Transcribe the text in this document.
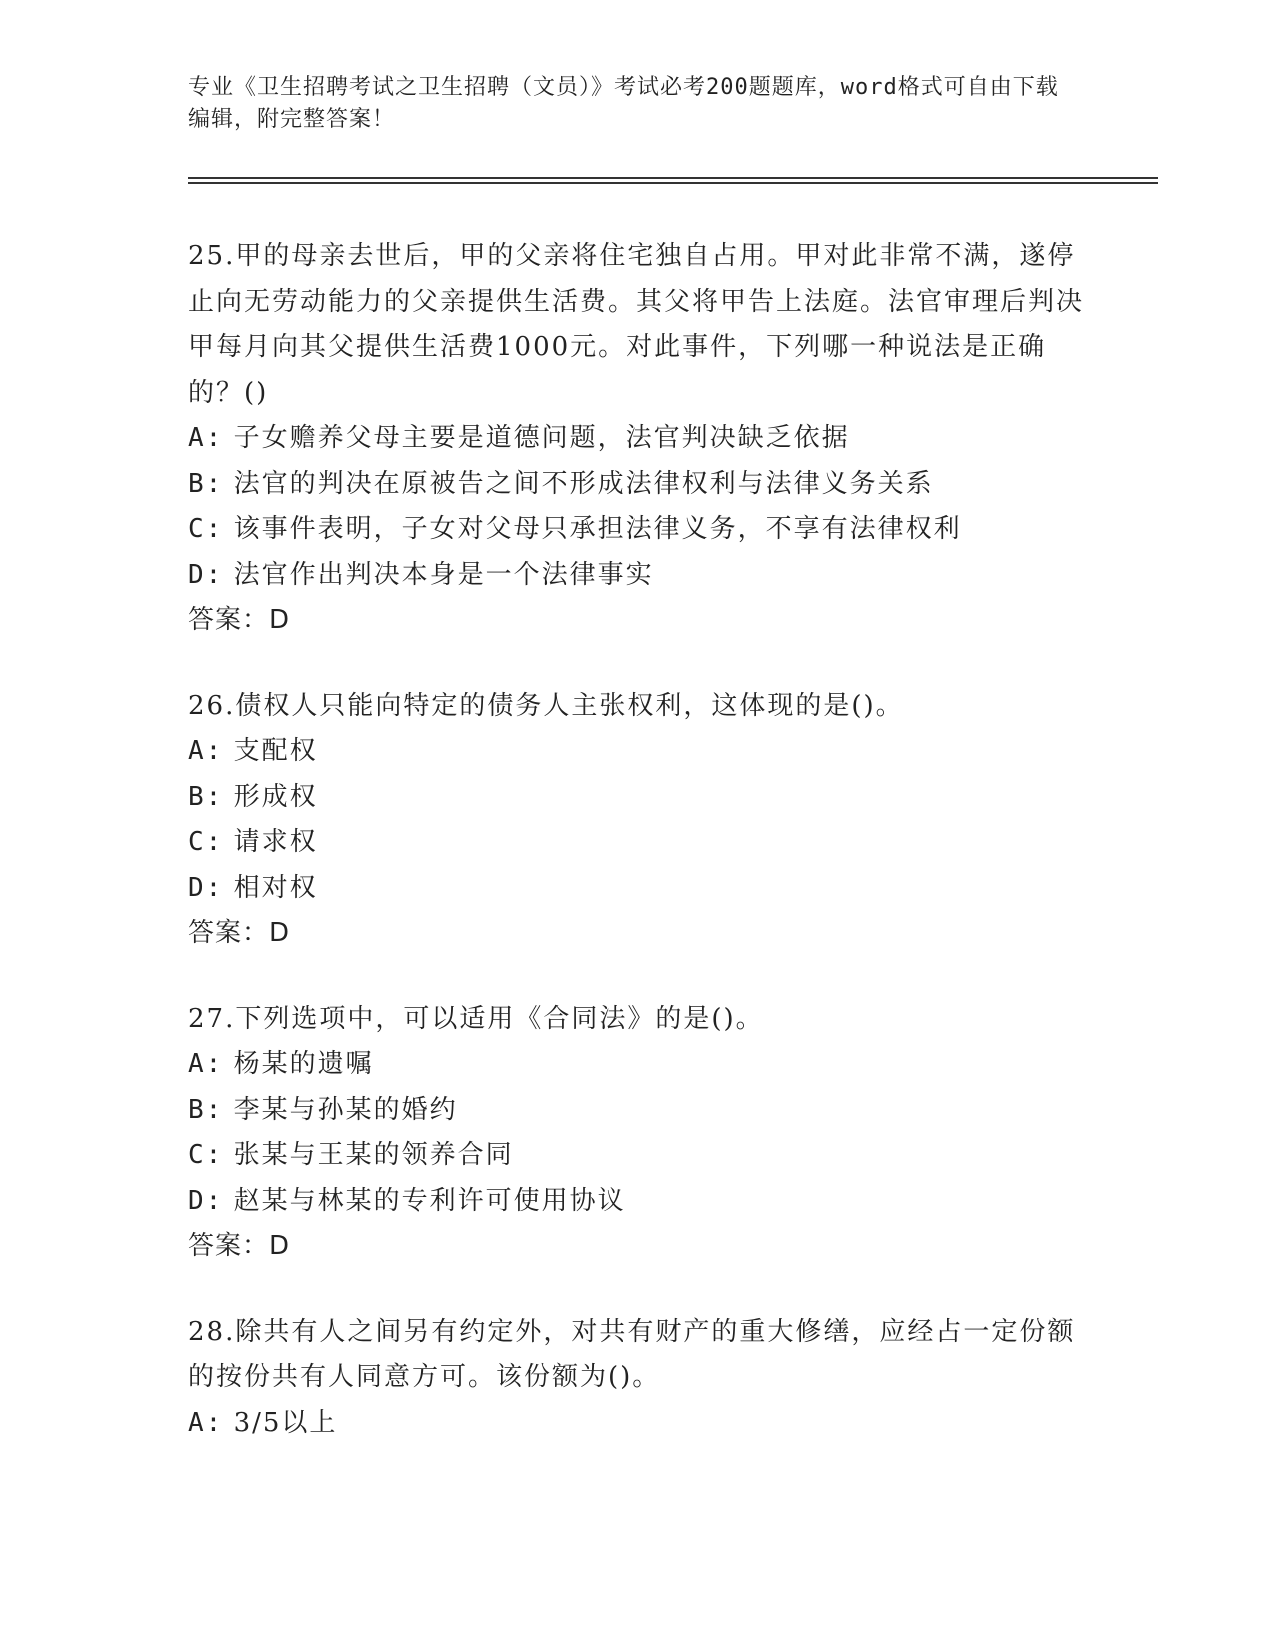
专业《卫生招聘考试之卫生招聘（文员）》考试必考200题题库，word格式可自由下载编辑，附完整答案！

25.甲的母亲去世后，甲的父亲将住宅独自占用。甲对此非常不满，遂停止向无劳动能力的父亲提供生活费。其父将甲告上法庭。法官审理后判决甲每月向其父提供生活费1000元。对此事件，下列哪一种说法是正确的？()

A: 子女赡养父母主要是道德问题，法官判决缺乏依据

B: 法官的判决在原被告之间不形成法律权利与法律义务关系

C: 该事件表明，子女对父母只承担法律义务，不享有法律权利

D: 法官作出判决本身是一个法律事实

答案：D

26.债权人只能向特定的债务人主张权利，这体现的是()。

A: 支配权

B: 形成权

C: 请求权

D: 相对权

答案：D

27.下列选项中，可以适用《合同法》的是()。

A: 杨某的遗嘱

B: 李某与孙某的婚约

C: 张某与王某的领养合同

D: 赵某与林某的专利许可使用协议

答案：D

28.除共有人之间另有约定外，对共有财产的重大修缮，应经占一定份额的按份共有人同意方可。该份额为()。

A: 3/5以上
